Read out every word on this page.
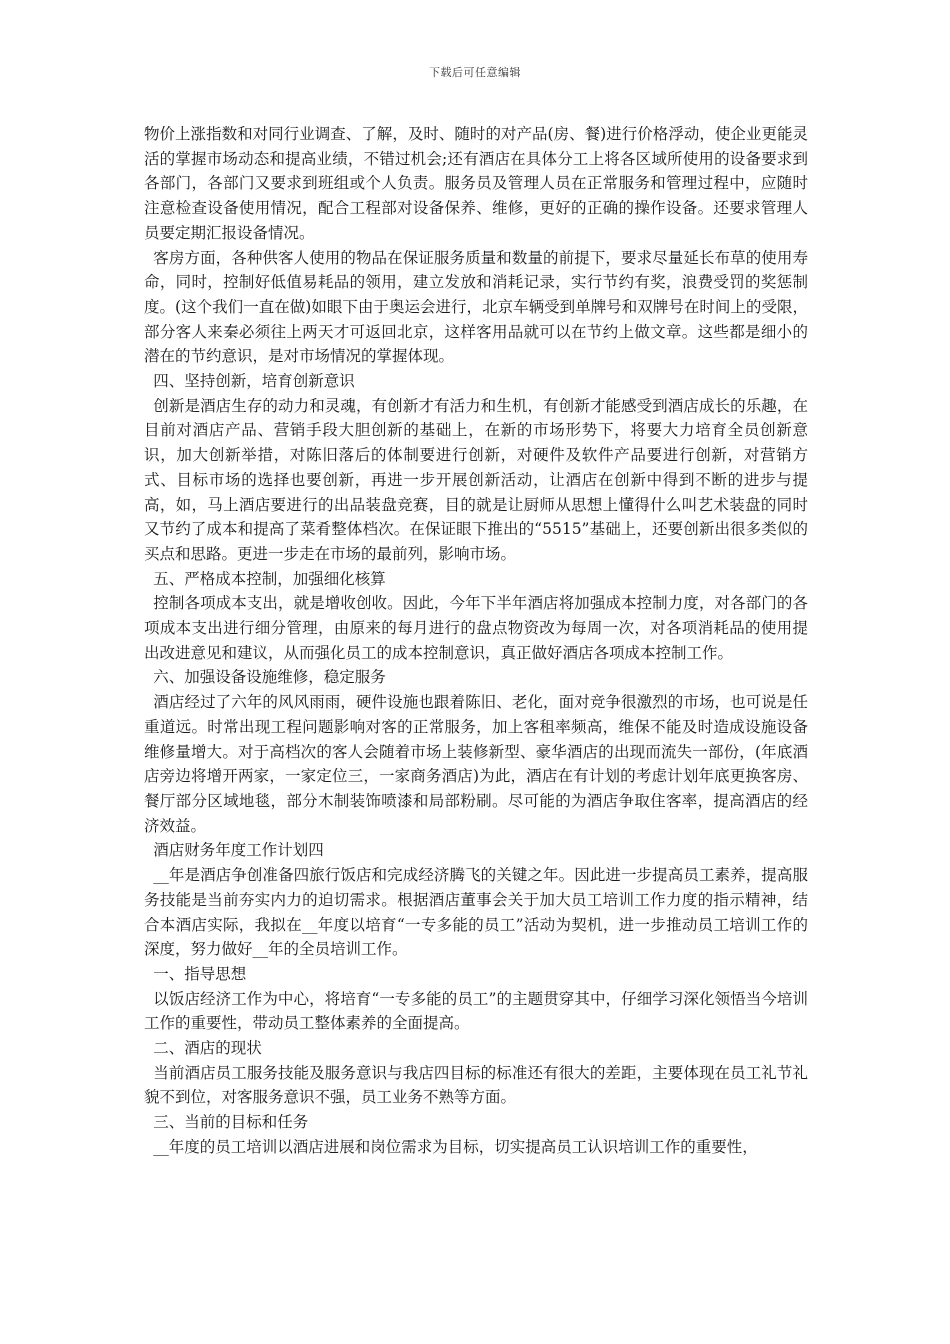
下载后可任意编辑

物价上涨指数和对同行业调查、了解，及时、随时的对产品(房、餐)进行价格浮动，使企业更能灵活的掌握市场动态和提高业绩，不错过机会;还有酒店在具体分工上将各区域所使用的设备要求到各部门，各部门又要求到班组或个人负责。服务员及管理人员在正常服务和管理过程中，应随时注意检查设备使用情况，配合工程部对设备保养、维修，更好的正确的操作设备。还要求管理人员要定期汇报设备情况。

客房方面，各种供客人使用的物品在保证服务质量和数量的前提下，要求尽量延长布草的使用寿命，同时，控制好低值易耗品的领用，建立发放和消耗记录，实行节约有奖，浪费受罚的奖惩制度。(这个我们一直在做)如眼下由于奥运会进行，北京车辆受到单牌号和双牌号在时间上的受限，部分客人来秦必须往上两天才可返回北京，这样客用品就可以在节约上做文章。这些都是细小的潜在的节约意识，是对市场情况的掌握体现。

四、坚持创新，培育创新意识

创新是酒店生存的动力和灵魂，有创新才有活力和生机，有创新才能感受到酒店成长的乐趣，在目前对酒店产品、营销手段大胆创新的基础上，在新的市场形势下，将要大力培育全员创新意识，加大创新举措，对陈旧落后的体制要进行创新，对硬件及软件产品要进行创新，对营销方式、目标市场的选择也要创新，再进一步开展创新活动，让酒店在创新中得到不断的进步与提高，如，马上酒店要进行的出品装盘竞赛，目的就是让厨师从思想上懂得什么叫艺术装盘的同时又节约了成本和提高了菜肴整体档次。在保证眼下推出的“5515”基础上，还要创新出很多类似的买点和思路。更进一步走在市场的最前列，影响市场。

五、严格成本控制，加强细化核算

控制各项成本支出，就是增收创收。因此，今年下半年酒店将加强成本控制力度，对各部门的各项成本支出进行细分管理，由原来的每月进行的盘点物资改为每周一次，对各项消耗品的使用提出改进意见和建议，从而强化员工的成本控制意识，真正做好酒店各项成本控制工作。

六、加强设备设施维修，稳定服务

酒店经过了六年的风风雨雨，硬件设施也跟着陈旧、老化，面对竞争很激烈的市场，也可说是任重道远。时常出现工程问题影响对客的正常服务，加上客租率频高，维保不能及时造成设施设备维修量增大。对于高档次的客人会随着市场上装修新型、豪华酒店的出现而流失一部份，(年底酒店旁边将增开两家，一家定位三，一家商务酒店)为此，酒店在有计划的考虑计划年底更换客房、餐厅部分区域地毯，部分木制装饰喷漆和局部粉刷。尽可能的为酒店争取住客率，提高酒店的经济效益。

酒店财务年度工作计划四

__年是酒店争创准备四旅行饭店和完成经济腾飞的关键之年。因此进一步提高员工素养，提高服务技能是当前夯实内力的迫切需求。根据酒店董事会关于加大员工培训工作力度的指示精神，结合本酒店实际，我拟在__年度以培育“一专多能的员工”活动为契机，进一步推动员工培训工作的深度，努力做好__年的全员培训工作。

一、指导思想

以饭店经济工作为中心，将培育“一专多能的员工”的主题贯穿其中，仔细学习深化领悟当今培训工作的重要性，带动员工整体素养的全面提高。

二、酒店的现状

当前酒店员工服务技能及服务意识与我店四目标的标准还有很大的差距，主要体现在员工礼节礼貌不到位，对客服务意识不强，员工业务不熟等方面。

三、当前的目标和任务

__年度的员工培训以酒店进展和岗位需求为目标，切实提高员工认识培训工作的重要性，
